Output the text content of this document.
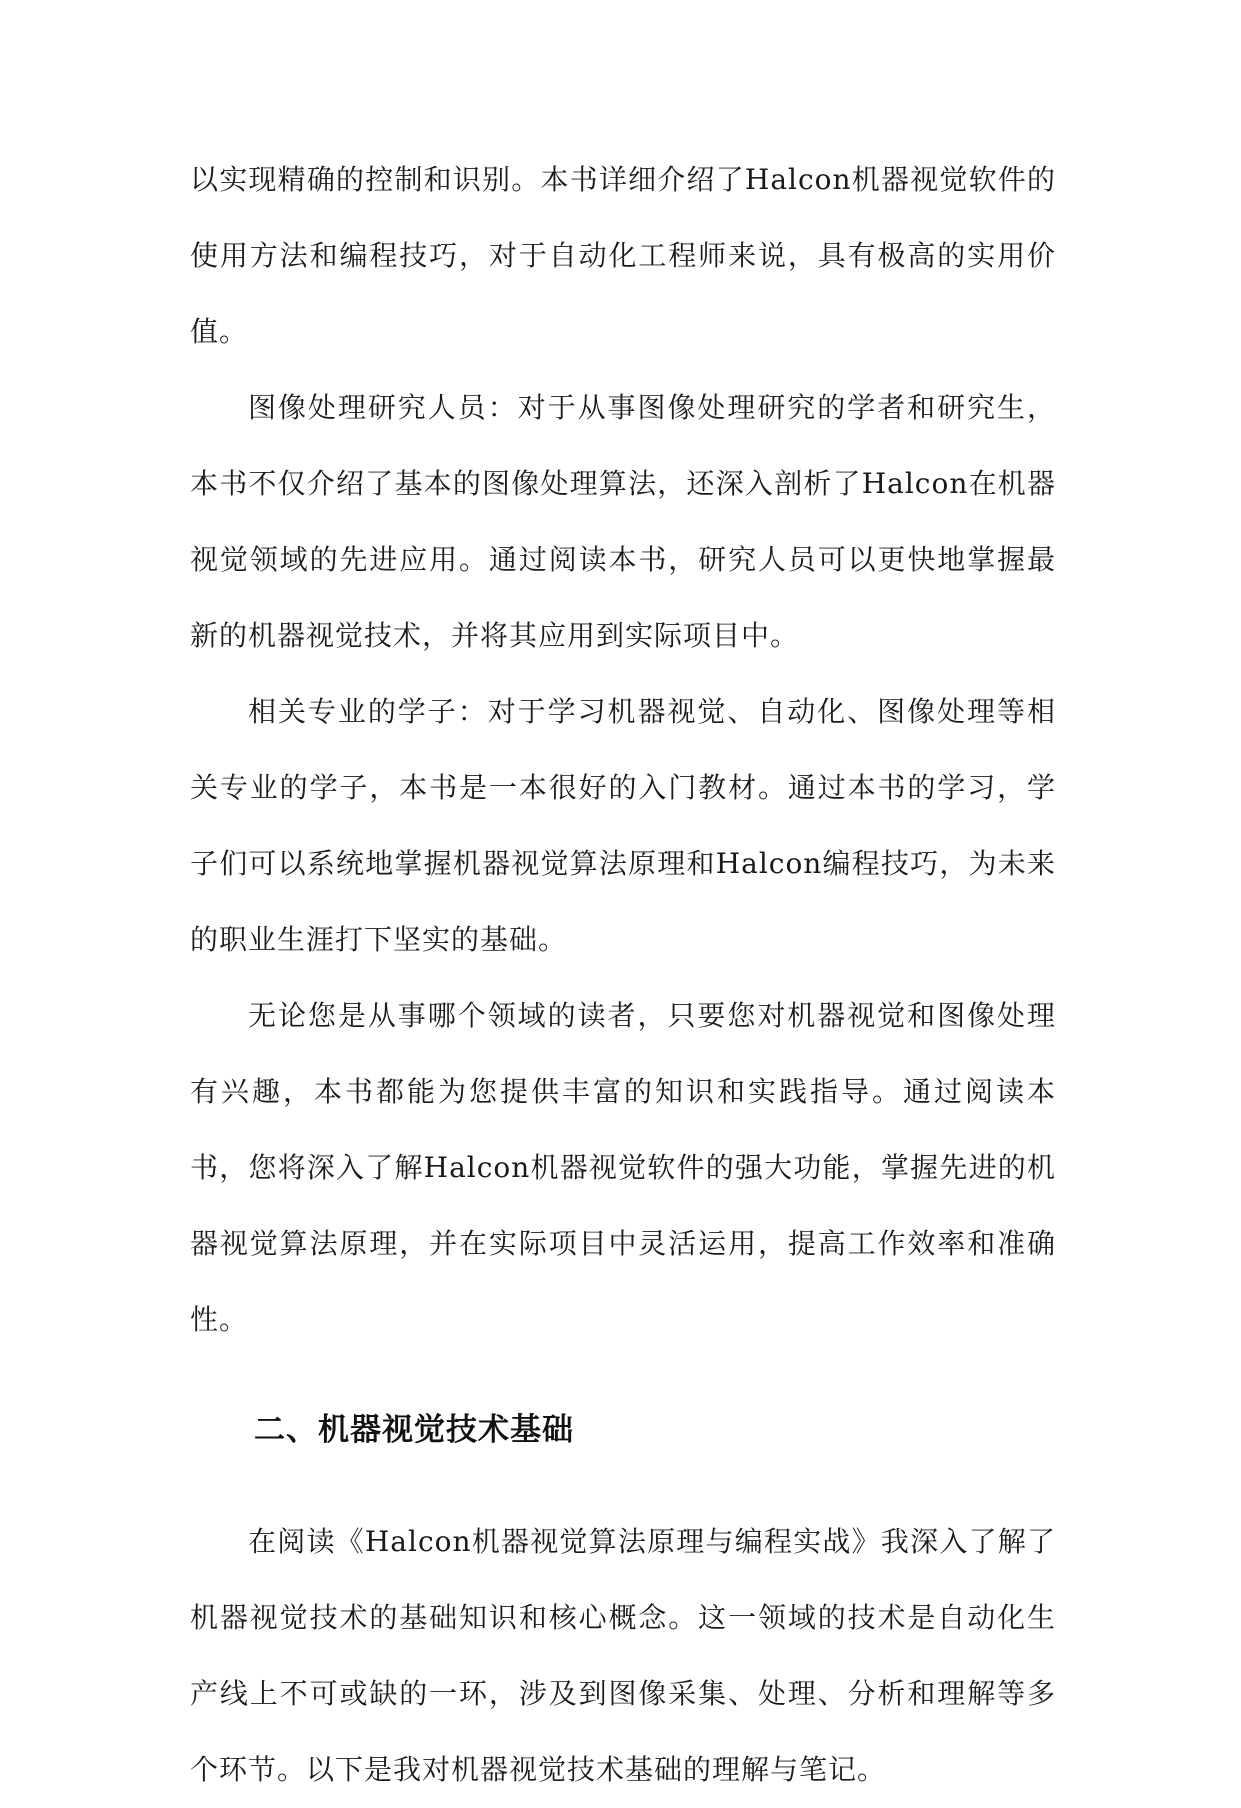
以实现精确的控制和识别。本书详细介绍了Halcon机器视觉软件的使用方法和编程技巧，对于自动化工程师来说，具有极高的实用价值。

图像处理研究人员：对于从事图像处理研究的学者和研究生，本书不仅介绍了基本的图像处理算法，还深入剖析了Halcon在机器视觉领域的先进应用。通过阅读本书，研究人员可以更快地掌握最新的机器视觉技术，并将其应用到实际项目中。

相关专业的学子：对于学习机器视觉、自动化、图像处理等相关专业的学子，本书是一本很好的入门教材。通过本书的学习，学子们可以系统地掌握机器视觉算法原理和Halcon编程技巧，为未来的职业生涯打下坚实的基础。

无论您是从事哪个领域的读者，只要您对机器视觉和图像处理有兴趣，本书都能为您提供丰富的知识和实践指导。通过阅读本书，您将深入了解Halcon机器视觉软件的强大功能，掌握先进的机器视觉算法原理，并在实际项目中灵活运用，提高工作效率和准确性。

二、机器视觉技术基础

在阅读《Halcon机器视觉算法原理与编程实战》我深入了解了机器视觉技术的基础知识和核心概念。这一领域的技术是自动化生产线上不可或缺的一环，涉及到图像采集、处理、分析和理解等多个环节。以下是我对机器视觉技术基础的理解与笔记。
